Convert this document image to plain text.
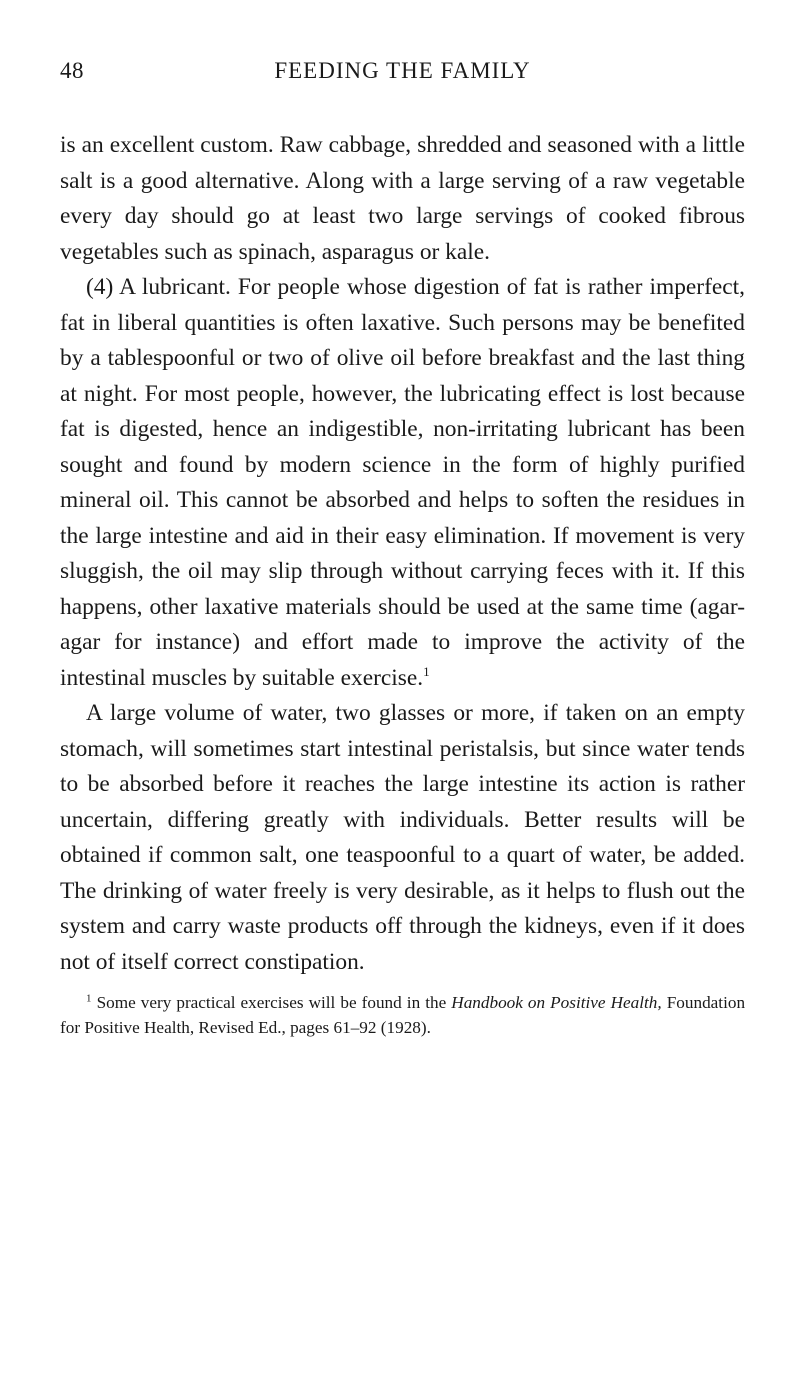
48	FEEDING THE FAMILY

is an excellent custom. Raw cabbage, shredded and seasoned with a little salt is a good alternative. Along with a large serving of a raw vegetable every day should go at least two large servings of cooked fibrous vegetables such as spinach, asparagus or kale.

(4) A lubricant. For people whose digestion of fat is rather imperfect, fat in liberal quantities is often laxative. Such persons may be benefited by a tablespoonful or two of olive oil before breakfast and the last thing at night. For most people, however, the lubricating effect is lost because fat is digested, hence an indigestible, non-irritating lubricant has been sought and found by modern science in the form of highly purified mineral oil. This cannot be absorbed and helps to soften the residues in the large intestine and aid in their easy elimination. If movement is very sluggish, the oil may slip through without carrying feces with it. If this happens, other laxative materials should be used at the same time (agar-agar for instance) and effort made to improve the activity of the intestinal muscles by suitable exercise.$^1$

A large volume of water, two glasses or more, if taken on an empty stomach, will sometimes start intestinal peristalsis, but since water tends to be absorbed before it reaches the large intestine its action is rather uncertain, differing greatly with individuals. Better results will be obtained if common salt, one teaspoonful to a quart of water, be added. The drinking of water freely is very desirable, as it helps to flush out the system and carry waste products off through the kidneys, even if it does not of itself correct constipation.

$^1$ Some very practical exercises will be found in the Handbook on Positive Health, Foundation for Positive Health, Revised Ed., pages 61–92 (1928).
